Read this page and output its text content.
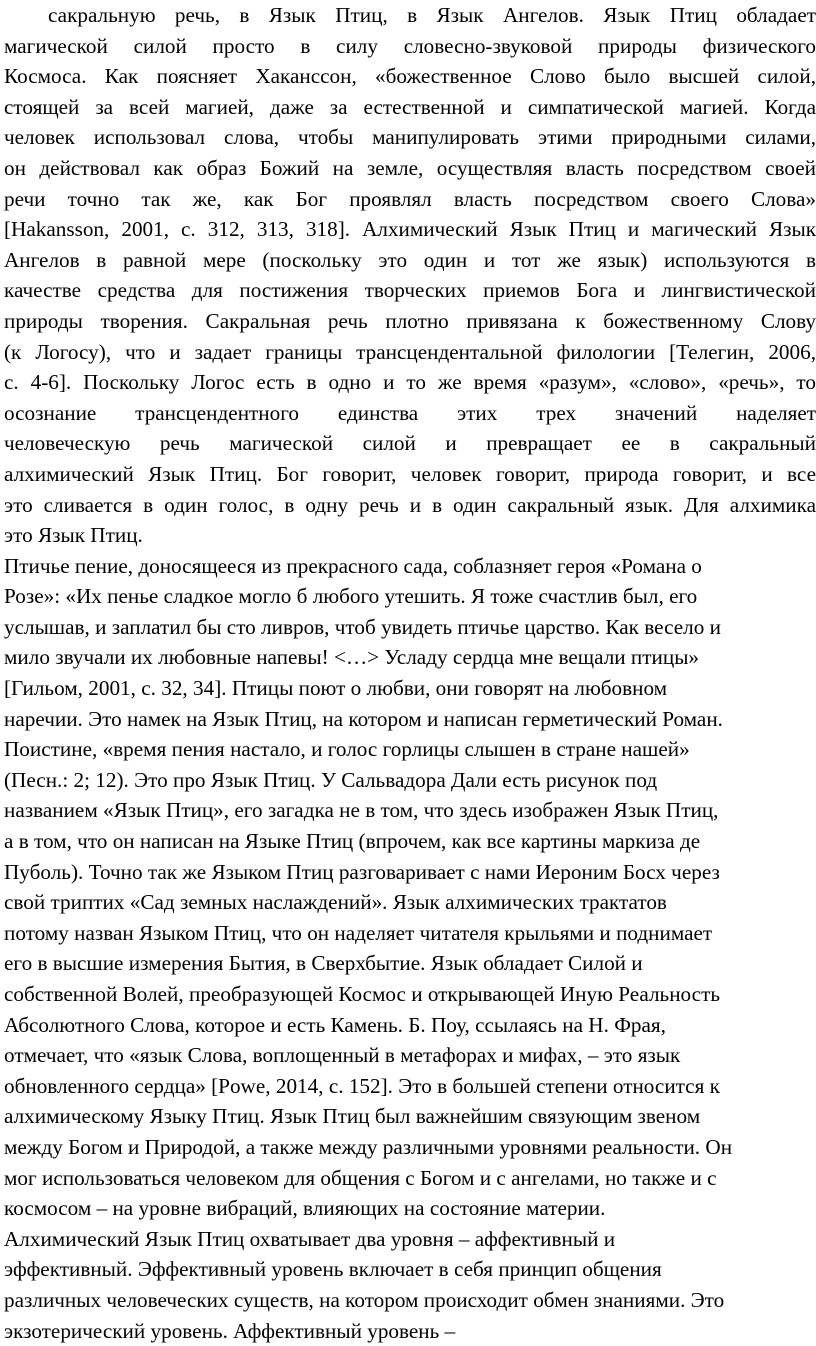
сакральную речь, в Язык Птиц, в Язык Ангелов. Язык Птиц обладает

магической силой просто в силу словесно-звуковой природы физического

Космоса. Как поясняет Хаканссон, «божественное Слово было высшей силой,

стоящей за всей магией, даже за естественной и симпатической магией. Когда

человек использовал слова, чтобы манипулировать этими природными силами,

он действовал как образ Божий на земле, осуществляя власть посредством своей

речи точно так же, как Бог проявлял власть посредством своего Слова»

[Hakansson, 2001, c. 312, 313, 318]. Алхимический Язык Птиц и магический Язык

Ангелов в равной мере (поскольку это один и тот же язык) используются в

качестве средства для постижения творческих приемов Бога и лингвистической

природы творения. Сакральная речь плотно привязана к божественному Слову

(к Логосу), что и задает границы трансцендентальной филологии [Телегин, 2006,

с. 4-6]. Поскольку Логос есть в одно и то же время «разум», «слово», «речь», то

осознание трансцендентного единства этих трех значений наделяет

человеческую речь магической силой и превращает ее в сакральный

алхимический Язык Птиц. Бог говорит, человек говорит, природа говорит, и все

это сливается в один голос, в одну речь и в один сакральный язык. Для алхимика

это Язык Птиц.

Птичье пение, доносящееся из прекрасного сада, соблазняет героя «Романа о

Розе»: «Их пенье сладкое могло б любого утешить. Я тоже счастлив был, его

услышав, и заплатил бы сто ливров, чтоб увидеть птичье царство. Как весело и

мило звучали их любовные напевы! <…> Усладу сердца мне вещали птицы»

[Гильом, 2001, с. 32, 34]. Птицы поют о любви, они говорят на любовном

наречии. Это намек на Язык Птиц, на котором и написан герметический Роман.

Поистине, «время пения настало, и голос горлицы слышен в стране нашей»

(Песн.: 2; 12). Это про Язык Птиц. У Сальвадора Дали есть рисунок под

названием «Язык Птиц», его загадка не в том, что здесь изображен Язык Птиц,

а в том, что он написан на Языке Птиц (впрочем, как все картины маркиза де

Пуболь). Точно так же Языком Птиц разговаривает с нами Иероним Босх через

свой триптих «Сад земных наслаждений». Язык алхимических трактатов

потому назван Языком Птиц, что он наделяет читателя крыльями и поднимает

его в высшие измерения Бытия, в Сверхбытие. Язык обладает Силой и

собственной Волей, преобразующей Космос и открывающей Иную Реальность

Абсолютного Слова, которое и есть Камень. Б. Поу, ссылаясь на Н. Фрая,

отмечает, что «язык Слова, воплощенный в метафорах и мифах, – это язык

обновленного сердца» [Powe, 2014, с. 152]. Это в большей степени относится к

алхимическому Языку Птиц. Язык Птиц был важнейшим связующим звеном

между Богом и Природой, а также между различными уровнями реальности. Он

мог использоваться человеком для общения с Богом и с ангелами, но также и с

космосом – на уровне вибраций, влияющих на состояние материи.

Алхимический Язык Птиц охватывает два уровня – аффективный и

эффективный. Эффективный уровень включает в себя принцип общения

различных человеческих существ, на котором происходит обмен знаниями. Это

экзотерический уровень. Аффективный уровень –
